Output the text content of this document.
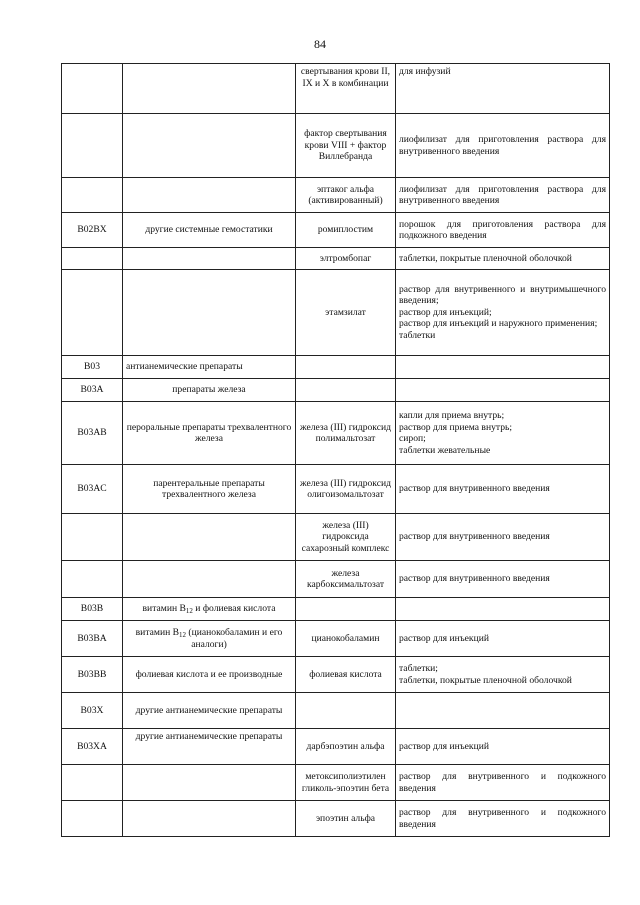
84
		свертывания крови II, IX и X в комбинации	для инфузий

		фактор свертывания крови VIII + фактор Виллебранда	лиофилизат для приготовления раствора для внутривенного введения

		эптаког альфа (активированный)	лиофилизат для приготовления раствора для внутривенного введения

B02BX	другие системные гемостатики	ромиплостим	порошок для приготовления раствора для подкожного введения

		элтромбопаг	таблетки, покрытые пленочной оболочкой

		этамзилат	раствор для внутривенного и внутримышечного введения;
раствор для инъекций;
раствор для инъекций и наружного применения;
таблетки

B03	антианемические препараты		
B03A	препараты железа		
B03AB	пероральные препараты трехвалентного железа	железа (III) гидроксид полимальтозат	капли для приема внутрь;
раствор для приема внутрь;
сироп;
таблетки жевательные

B03AC	парентеральные препараты трехвалентного железа	железа (III) гидроксид олигоизомальтозат	раствор для внутривенного введения

		железа (III) гидроксида сахарозный комплекс	раствор для внутривенного введения

		железа карбоксимальтозат	раствор для внутривенного введения

B03B	витамин $B_{12}$ и фолиевая кислота		
B03BA	витамин $B_{12}$ (цианокобаламин и его аналоги)	цианокобаламин	раствор для инъекций

B03BB	фолиевая кислота и ее производные	фолиевая кислота	таблетки;
таблетки, покрытые пленочной оболочкой

B03X	другие антианемические препараты		
B03XA	другие антианемические препараты	дарбэпоэтин альфа	раствор для инъекций

		метоксиполиэтилен гликоль-эпоэтин бета	раствор для внутривенного и подкожного введения

		эпоэтин альфа	раствор для внутривенного и подкожного введения
